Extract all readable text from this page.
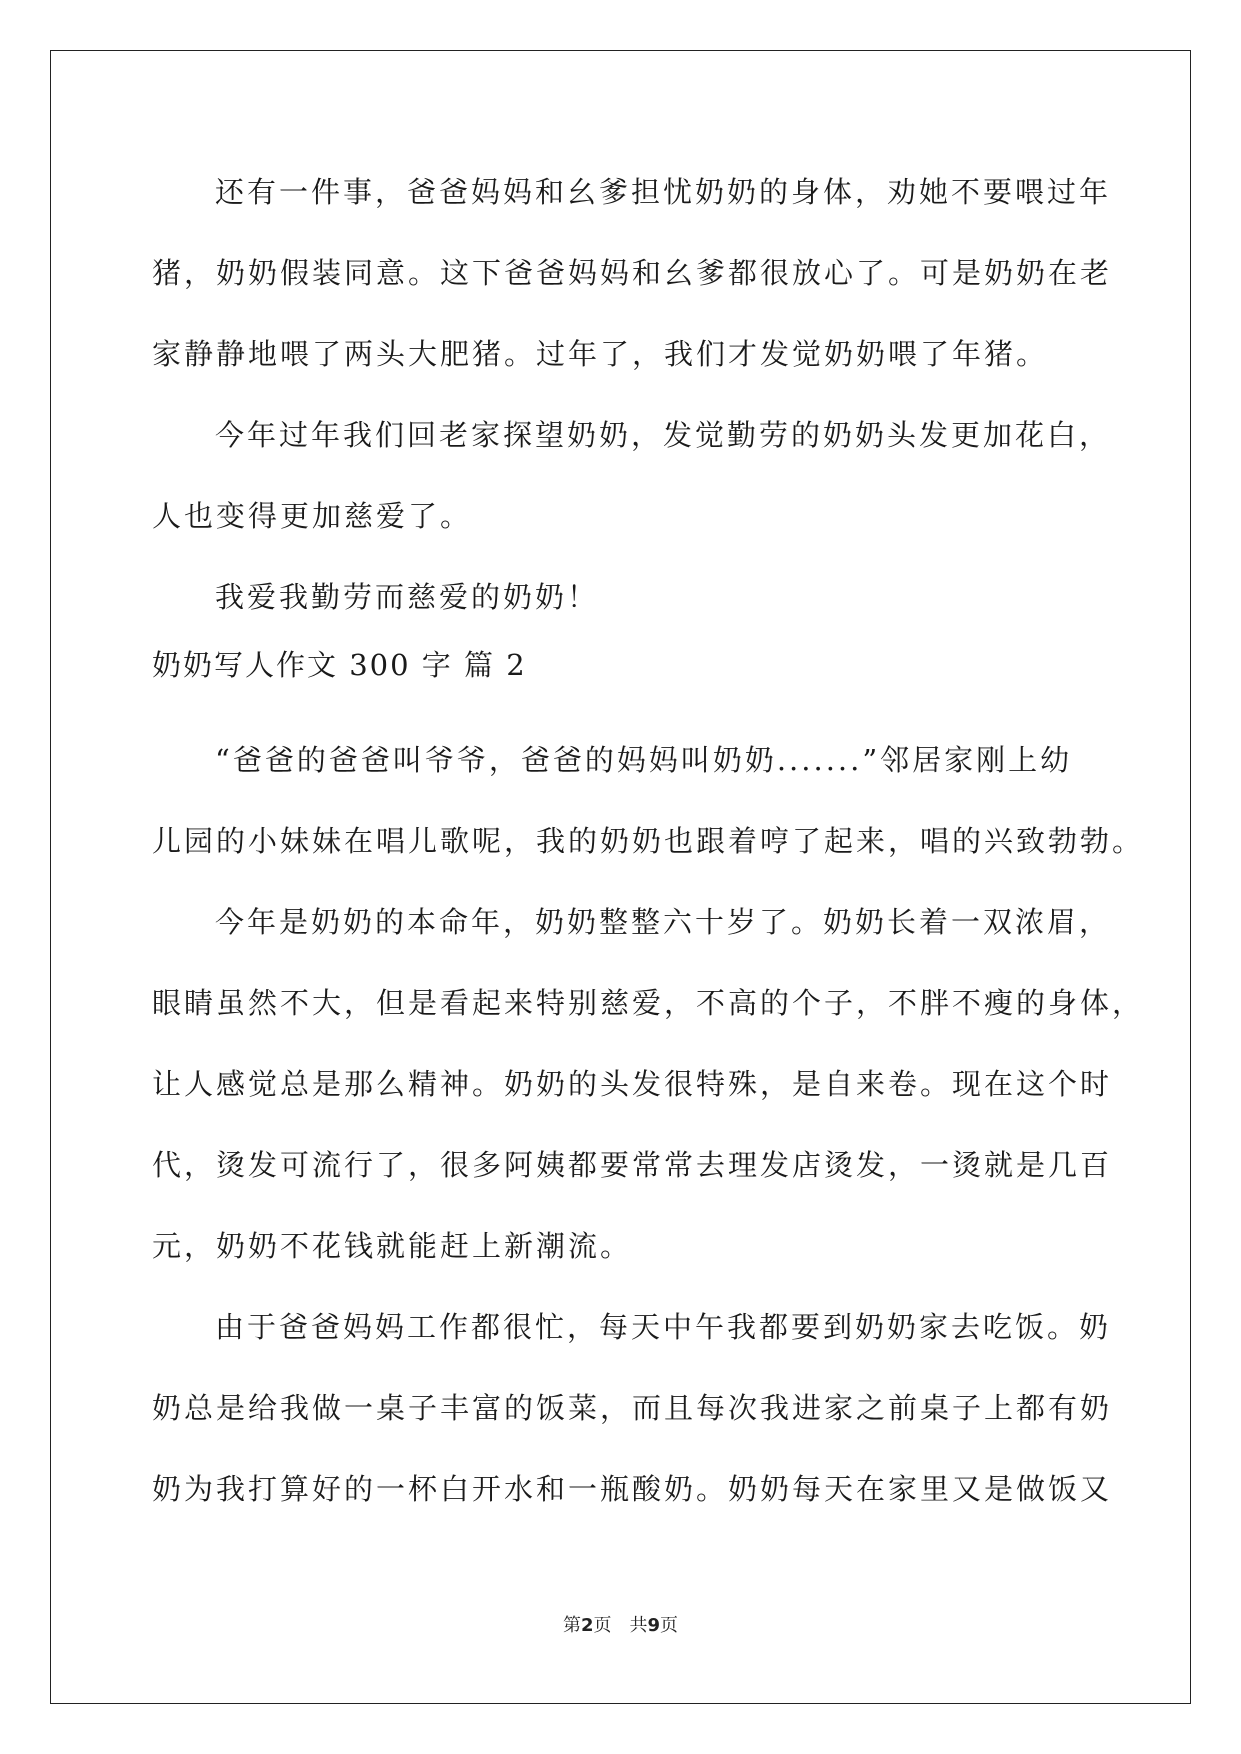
还有一件事，爸爸妈妈和幺爹担忧奶奶的身体，劝她不要喂过年
猪，奶奶假装同意。这下爸爸妈妈和幺爹都很放心了。可是奶奶在老
家静静地喂了两头大肥猪。过年了，我们才发觉奶奶喂了年猪。
今年过年我们回老家探望奶奶，发觉勤劳的奶奶头发更加花白，
人也变得更加慈爱了。
我爱我勤劳而慈爱的奶奶！
奶奶写人作文 300 字 篇 2
“爸爸的爸爸叫爷爷，爸爸的妈妈叫奶奶.......”邻居家刚上幼
儿园的小妹妹在唱儿歌呢，我的奶奶也跟着哼了起来，唱的兴致勃勃。
今年是奶奶的本命年，奶奶整整六十岁了。奶奶长着一双浓眉，
眼睛虽然不大，但是看起来特别慈爱，不高的个子，不胖不瘦的身体，
让人感觉总是那么精神。奶奶的头发很特殊，是自来卷。现在这个时
代，烫发可流行了，很多阿姨都要常常去理发店烫发，一烫就是几百
元，奶奶不花钱就能赶上新潮流。
由于爸爸妈妈工作都很忙，每天中午我都要到奶奶家去吃饭。奶
奶总是给我做一桌子丰富的饭菜，而且每次我进家之前桌子上都有奶
奶为我打算好的一杯白开水和一瓶酸奶。奶奶每天在家里又是做饭又
第2页　共9页
